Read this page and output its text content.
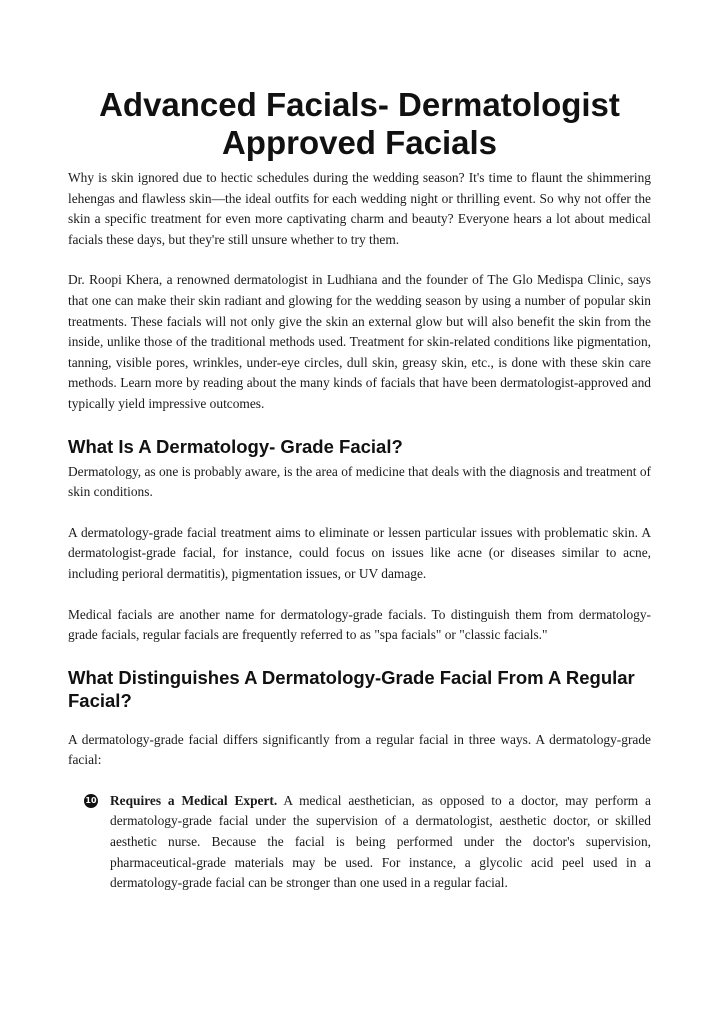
Advanced Facials- Dermatologist
Approved Facials

Why is skin ignored due to hectic schedules during the wedding season? It's time to flaunt the shimmering lehengas and flawless skin—the ideal outfits for each wedding night or thrilling event. So why not offer the skin a specific treatment for even more captivating charm and beauty? Everyone hears a lot about medical facials these days, but they're still unsure whether to try them.

Dr. Roopi Khera, a renowned dermatologist in Ludhiana and the founder of The Glo Medispa Clinic, says that one can make their skin radiant and glowing for the wedding season by using a number of popular skin treatments. These facials will not only give the skin an external glow but will also benefit the skin from the inside, unlike those of the traditional methods used. Treatment for skin-related conditions like pigmentation, tanning, visible pores, wrinkles, under-eye circles, dull skin, greasy skin, etc., is done with these skin care methods. Learn more by reading about the many kinds of facials that have been dermatologist-approved and typically yield impressive outcomes.

What Is A Dermatology- Grade Facial?

Dermatology, as one is probably aware, is the area of medicine that deals with the diagnosis and treatment of skin conditions.

A dermatology-grade facial treatment aims to eliminate or lessen particular issues with problematic skin. A dermatologist-grade facial, for instance, could focus on issues like acne (or diseases similar to acne, including perioral dermatitis), pigmentation issues, or UV damage.

Medical facials are another name for dermatology-grade facials. To distinguish them from dermatology-grade facials, regular facials are frequently referred to as "spa facials" or "classic facials."

What Distinguishes A Dermatology-Grade Facial From A Regular Facial?

A dermatology-grade facial differs significantly from a regular facial in three ways. A dermatology-grade facial:

10 Requires a Medical Expert. A medical aesthetician, as opposed to a doctor, may perform a dermatology-grade facial under the supervision of a dermatologist, aesthetic doctor, or skilled aesthetic nurse. Because the facial is being performed under the doctor's supervision, pharmaceutical-grade materials may be used. For instance, a glycolic acid peel used in a dermatology-grade facial can be stronger than one used in a regular facial.
